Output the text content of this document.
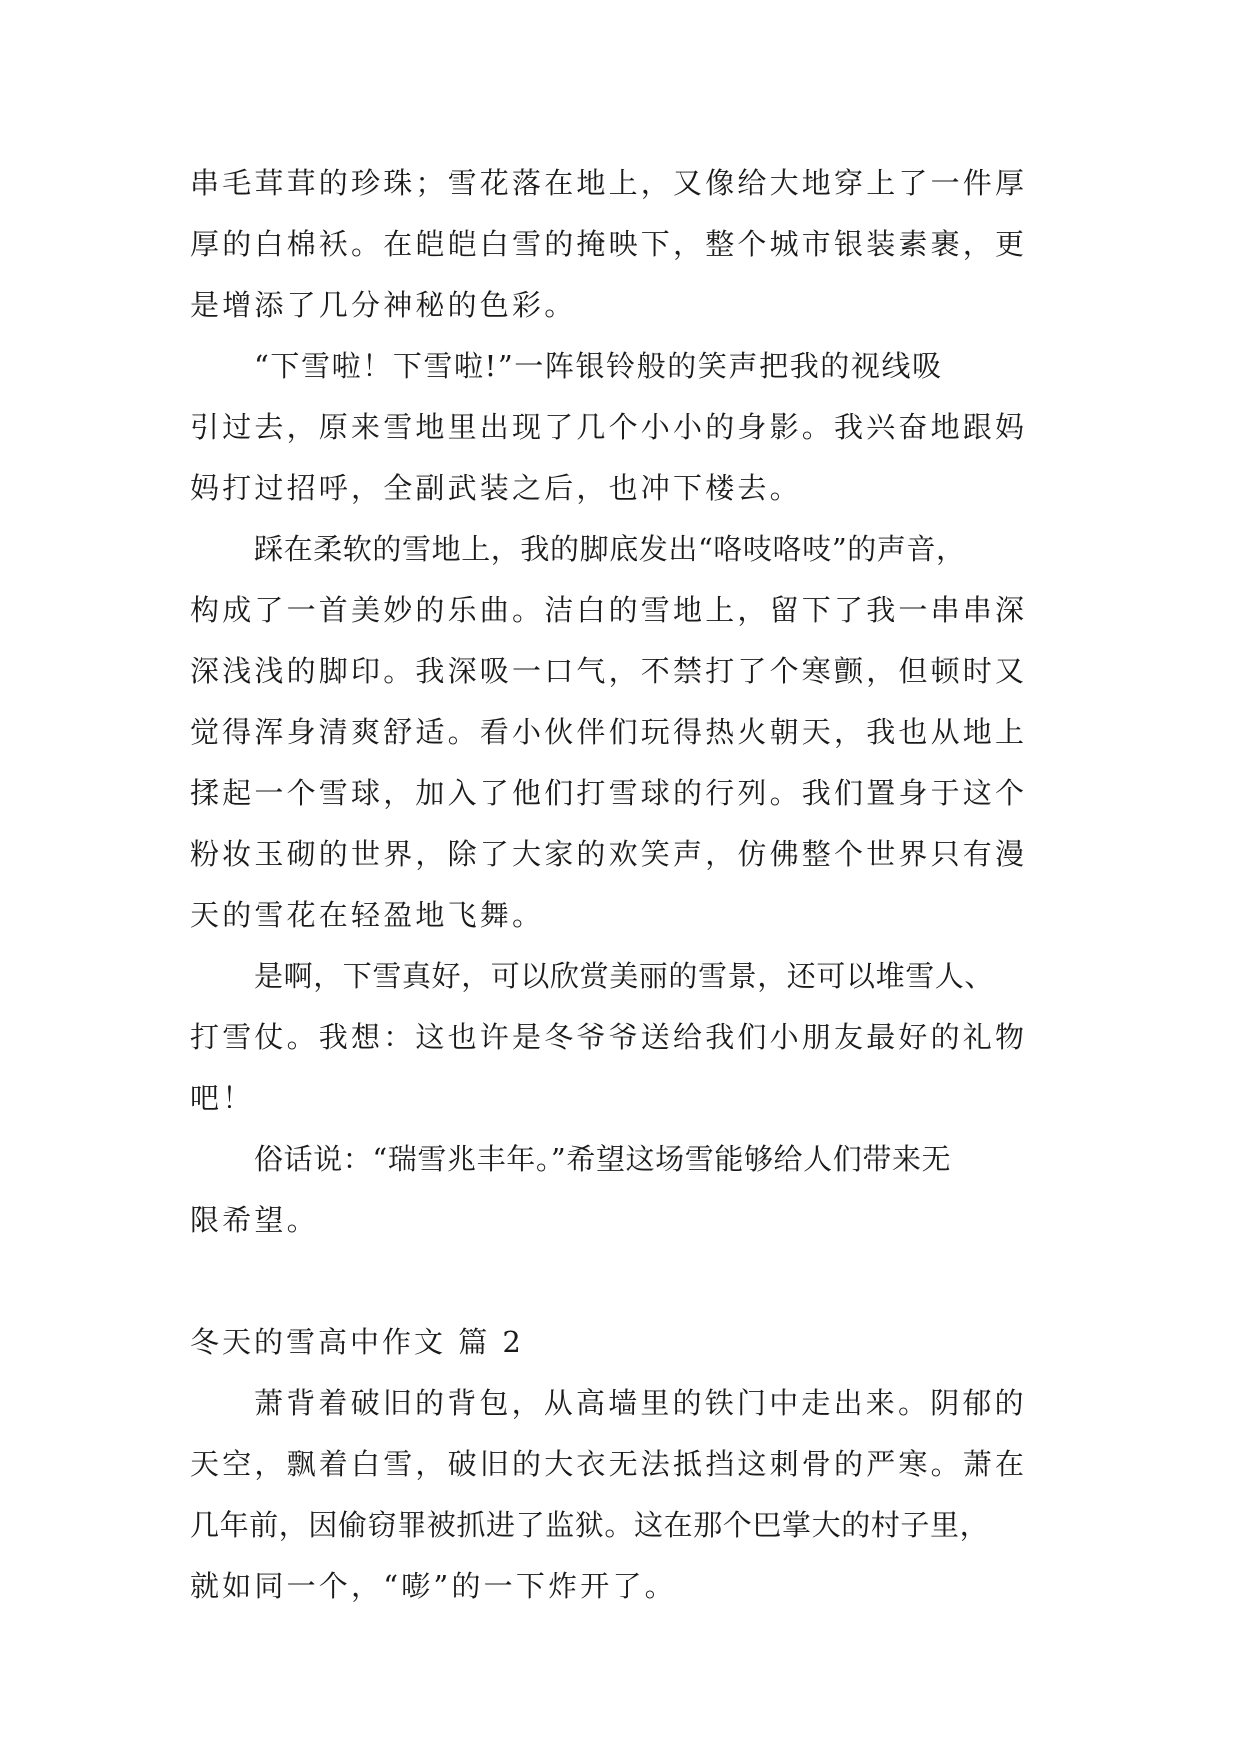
串毛茸茸的珍珠；雪花落在地上，又像给大地穿上了一件厚
厚的白棉袄。在皑皑白雪的掩映下，整个城市银装素裹，更
是增添了几分神秘的色彩。
“下雪啦！下雪啦!”一阵银铃般的笑声把我的视线吸
引过去，原来雪地里出现了几个小小的身影。我兴奋地跟妈
妈打过招呼，全副武装之后，也冲下楼去。
踩在柔软的雪地上，我的脚底发出“咯吱咯吱”的声音，
构成了一首美妙的乐曲。洁白的雪地上，留下了我一串串深
深浅浅的脚印。我深吸一口气，不禁打了个寒颤，但顿时又
觉得浑身清爽舒适。看小伙伴们玩得热火朝天，我也从地上
揉起一个雪球，加入了他们打雪球的行列。我们置身于这个
粉妆玉砌的世界，除了大家的欢笑声，仿佛整个世界只有漫
天的雪花在轻盈地飞舞。
是啊，下雪真好，可以欣赏美丽的雪景，还可以堆雪人、
打雪仗。我想：这也许是冬爷爷送给我们小朋友最好的礼物
吧！
俗话说：“瑞雪兆丰年。”希望这场雪能够给人们带来无
限希望。
冬天的雪高中作文 篇 2
萧背着破旧的背包，从高墙里的铁门中走出来。阴郁的
天空，飘着白雪，破旧的大衣无法抵挡这刺骨的严寒。萧在
几年前，因偷窃罪被抓进了监狱。这在那个巴掌大的村子里，
就如同一个，“嘭”的一下炸开了。
